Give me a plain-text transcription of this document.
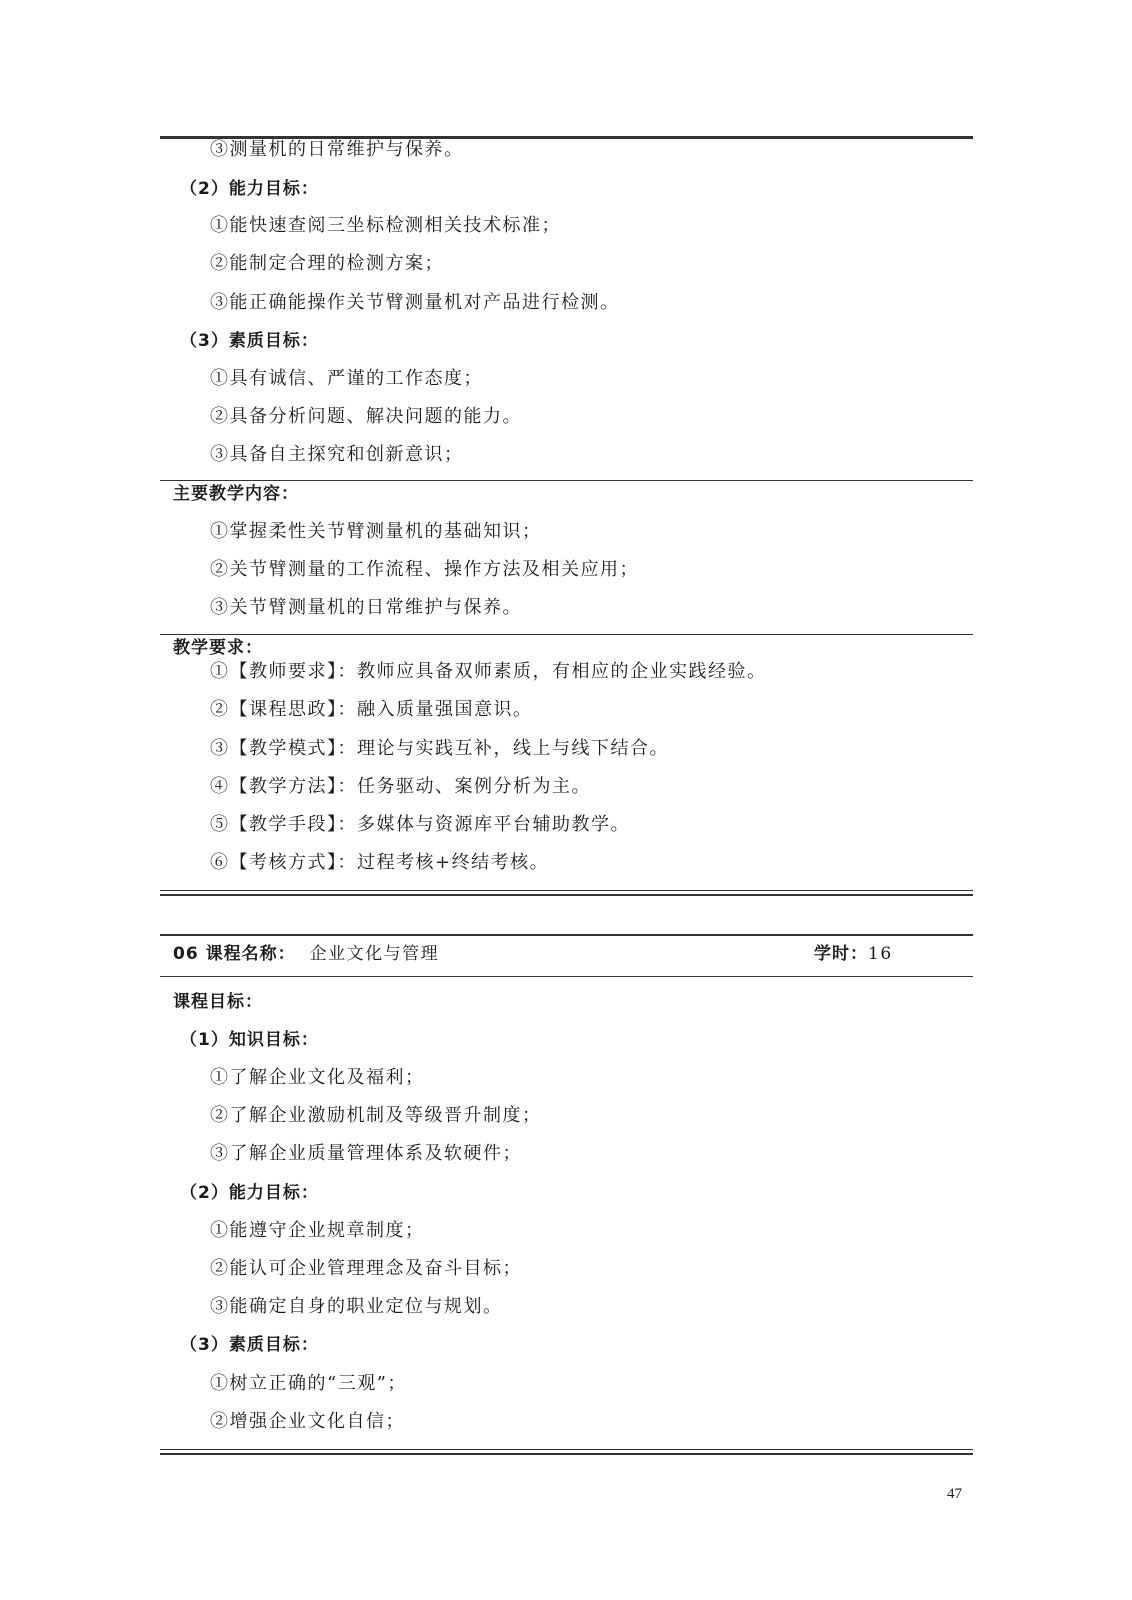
③测量机的日常维护与保养。
（2）能力目标：
①能快速查阅三坐标检测相关技术标准；
②能制定合理的检测方案；
③能正确能操作关节臂测量机对产品进行检测。
（3）素质目标：
①具有诚信、严谨的工作态度；
②具备分析问题、解决问题的能力。
③具备自主探究和创新意识；
主要教学内容：
①掌握柔性关节臂测量机的基础知识；
②关节臂测量的工作流程、操作方法及相关应用；
③关节臂测量机的日常维护与保养。
教学要求：
①【教师要求】：教师应具备双师素质，有相应的企业实践经验。
②【课程思政】：融入质量强国意识。
③【教学模式】：理论与实践互补，线上与线下结合。
④【教学方法】：任务驱动、案例分析为主。
⑤【教学手段】：多媒体与资源库平台辅助教学。
⑥【考核方式】：过程考核+终结考核。
06 课程名称： 企业文化与管理	学时：16
课程目标：
（1）知识目标：
①了解企业文化及福利；
②了解企业激励机制及等级晋升制度；
③了解企业质量管理体系及软硬件；
（2）能力目标：
①能遵守企业规章制度；
②能认可企业管理理念及奋斗目标；
③能确定自身的职业定位与规划。
（3）素质目标：
①树立正确的“三观”；
②增强企业文化自信；
47
